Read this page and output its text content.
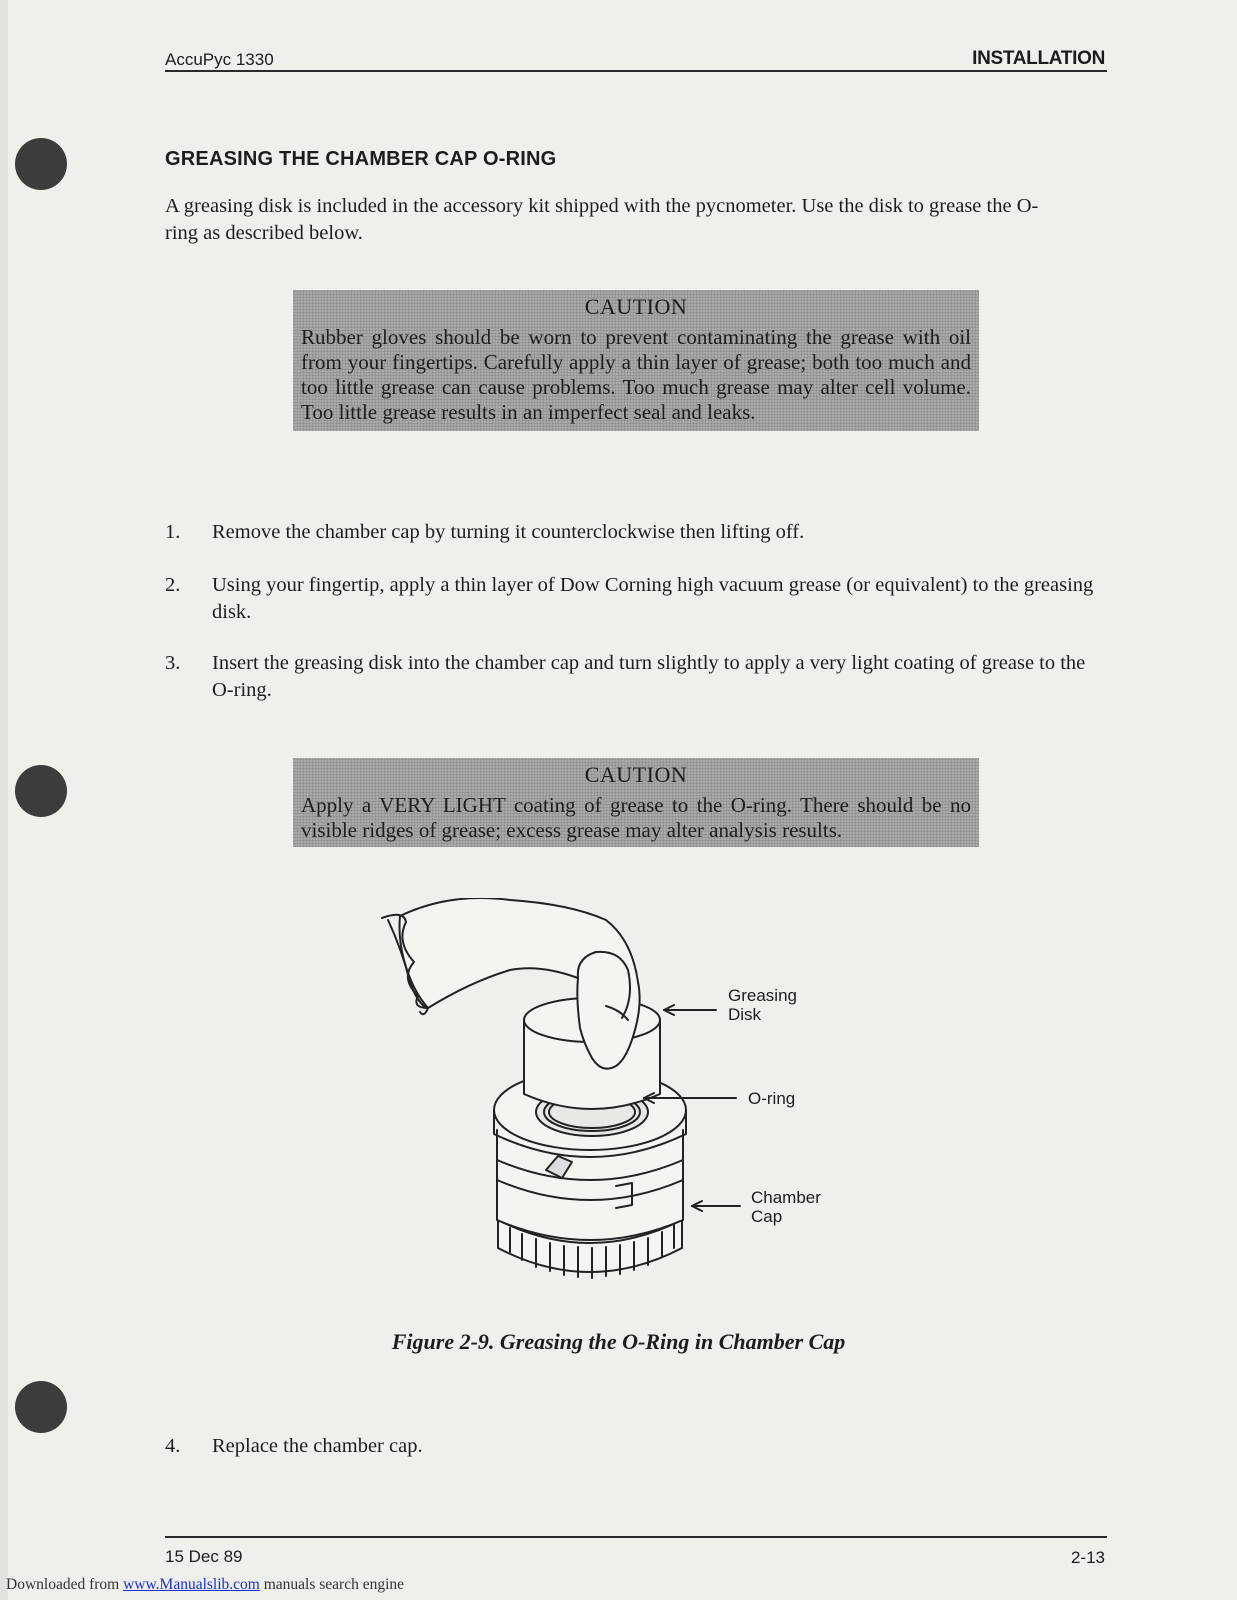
AccuPyc 1330	INSTALLATION
GREASING THE CHAMBER CAP O-RING

A greasing disk is included in the accessory kit shipped with the pycnometer. Use the disk to grease the O-ring as described below.

CAUTION
Rubber gloves should be worn to prevent contaminating the grease with oil from your fingertips. Carefully apply a thin layer of grease; both too much and too little grease can cause problems. Too much grease may alter cell volume. Too little grease results in an imperfect seal and leaks.
1. Remove the chamber cap by turning it counterclockwise then lifting off.
2. Using your fingertip, apply a thin layer of Dow Corning high vacuum grease (or equivalent) to the greasing disk.
3. Insert the greasing disk into the chamber cap and turn slightly to apply a very light coating of grease to the O-ring.
CAUTION
Apply a VERY LIGHT coating of grease to the O-ring. There should be no visible ridges of grease; excess grease may alter analysis results.
Greasing
Disk
O-ring
Chamber
Cap

Figure 2-9. Greasing the O-Ring in Chamber Cap

4. Replace the chamber cap.
15 Dec 89	2-13
Downloaded from www.Manualslib.com manuals search engine
